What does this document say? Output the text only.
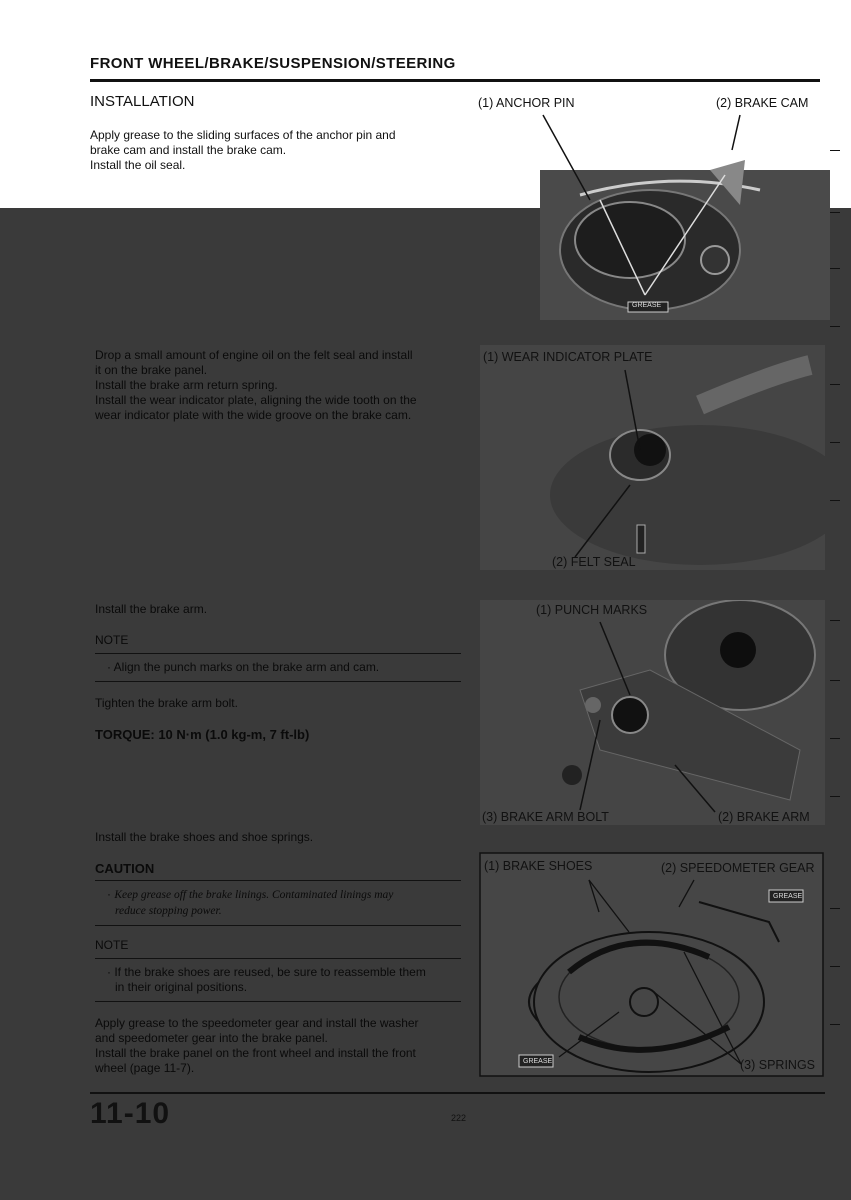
FRONT WHEEL/BRAKE/SUSPENSION/STEERING
INSTALLATION
Apply grease to the sliding surfaces of the anchor pin and
brake cam and install the brake cam.
Install the oil seal.
(1) ANCHOR PIN	(2) BRAKE CAM
GREASE
Drop a small amount of engine oil on the felt seal and install
it on the brake panel.
Install the brake arm return spring.
Install the wear indicator plate, aligning the wide tooth on the
wear indicator plate with the wide groove on the brake cam.
(1) WEAR INDICATOR PLATE
(2) FELT SEAL
Install the brake arm.
NOTE
· Align the punch marks on the brake arm and cam.
Tighten the brake arm bolt.
TORQUE: 10 N·m (1.0 kg-m, 7 ft-lb)
(1) PUNCH MARKS
(3) BRAKE ARM BOLT	(2) BRAKE ARM
Install the brake shoes and shoe springs.
CAUTION
· Keep grease off the brake linings. Contaminated linings may
reduce stopping power.
NOTE
· If the brake shoes are reused, be sure to reassemble them
in their original positions.
Apply grease to the speedometer gear and install the washer
and speedometer gear into the brake panel.
Install the brake panel on the front wheel and install the front
wheel (page 11-7).
(1) BRAKE SHOES	(2) SPEEDOMETER GEAR
(3) SPRINGS
GREASE
GREASE
11-10	222
